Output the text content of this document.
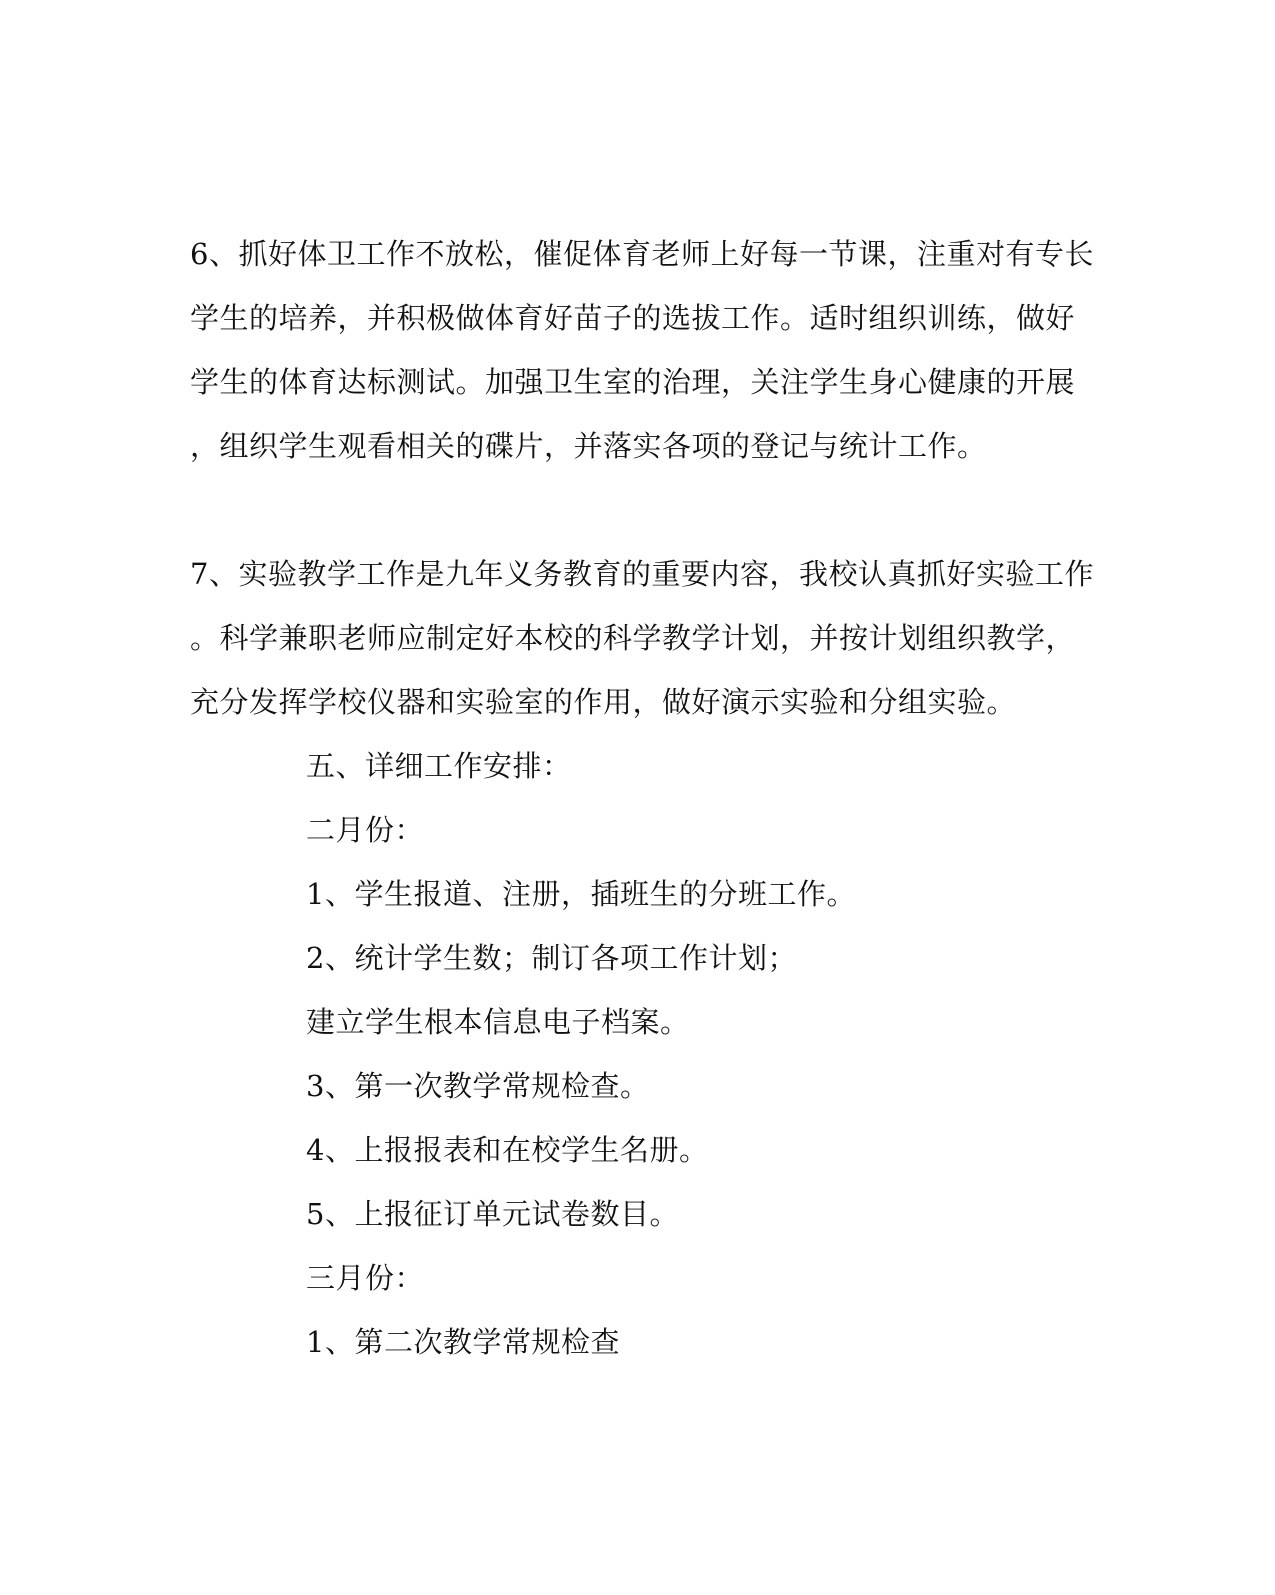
6、抓好体卫工作不放松，催促体育老师上好每一节课，注重对有专长
学生的培养，并积极做体育好苗子的选拔工作。适时组织训练，做好
学生的体育达标测试。加强卫生室的治理，关注学生身心健康的开展
，组织学生观看相关的碟片，并落实各项的登记与统计工作。
7、实验教学工作是九年义务教育的重要内容，我校认真抓好实验工作
。科学兼职老师应制定好本校的科学教学计划，并按计划组织教学，
充分发挥学校仪器和实验室的作用，做好演示实验和分组实验。
五、详细工作安排：
二月份：
1、学生报道、注册，插班生的分班工作。
2、统计学生数；制订各项工作计划；
建立学生根本信息电子档案。
3、第一次教学常规检查。
4、上报报表和在校学生名册。
5、上报征订单元试卷数目。
三月份：
1、第二次教学常规检查
